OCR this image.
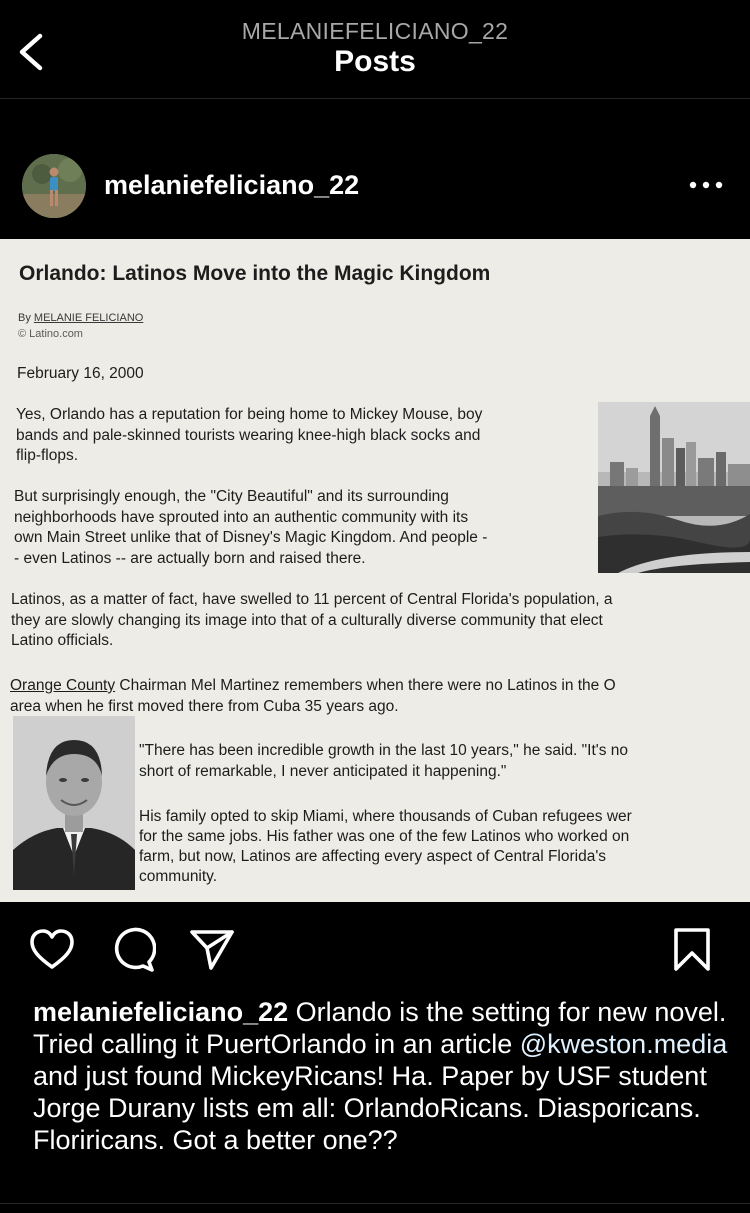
MELANIEFELICIANO_22
Posts
melaniefeliciano_22
Orlando: Latinos Move into the Magic Kingdom
By MELANIE FELICIANO
© Latino.com
February 16, 2000
Yes, Orlando has a reputation for being home to Mickey Mouse, boy
bands and pale-skinned tourists wearing knee-high black socks and
flip-flops.
But surprisingly enough, the "City Beautiful" and its surrounding
neighborhoods have sprouted into an authentic community with its
own Main Street unlike that of Disney's Magic Kingdom. And people -
- even Latinos -- are actually born and raised there.
Latinos, as a matter of fact, have swelled to 11 percent of Central Florida's population, a
they are slowly changing its image into that of a culturally diverse community that elect
Latino officials.
Orange County Chairman Mel Martinez remembers when there were no Latinos in the O
area when he first moved there from Cuba 35 years ago.
"There has been incredible growth in the last 10 years," he said. "It's no
short of remarkable, I never anticipated it happening."
His family opted to skip Miami, where thousands of Cuban refugees wer
for the same jobs. His father was one of the few Latinos who worked on
farm, but now, Latinos are affecting every aspect of Central Florida's
community.

melaniefeliciano_22 Orlando is the setting for new novel. Tried calling it PuertOrlando in an article @kweston.media and just found MickeyRicans! Ha. Paper by USF student Jorge Durany lists em all: OrlandoRicans. Diasporicans. Floriricans. Got a better one??
